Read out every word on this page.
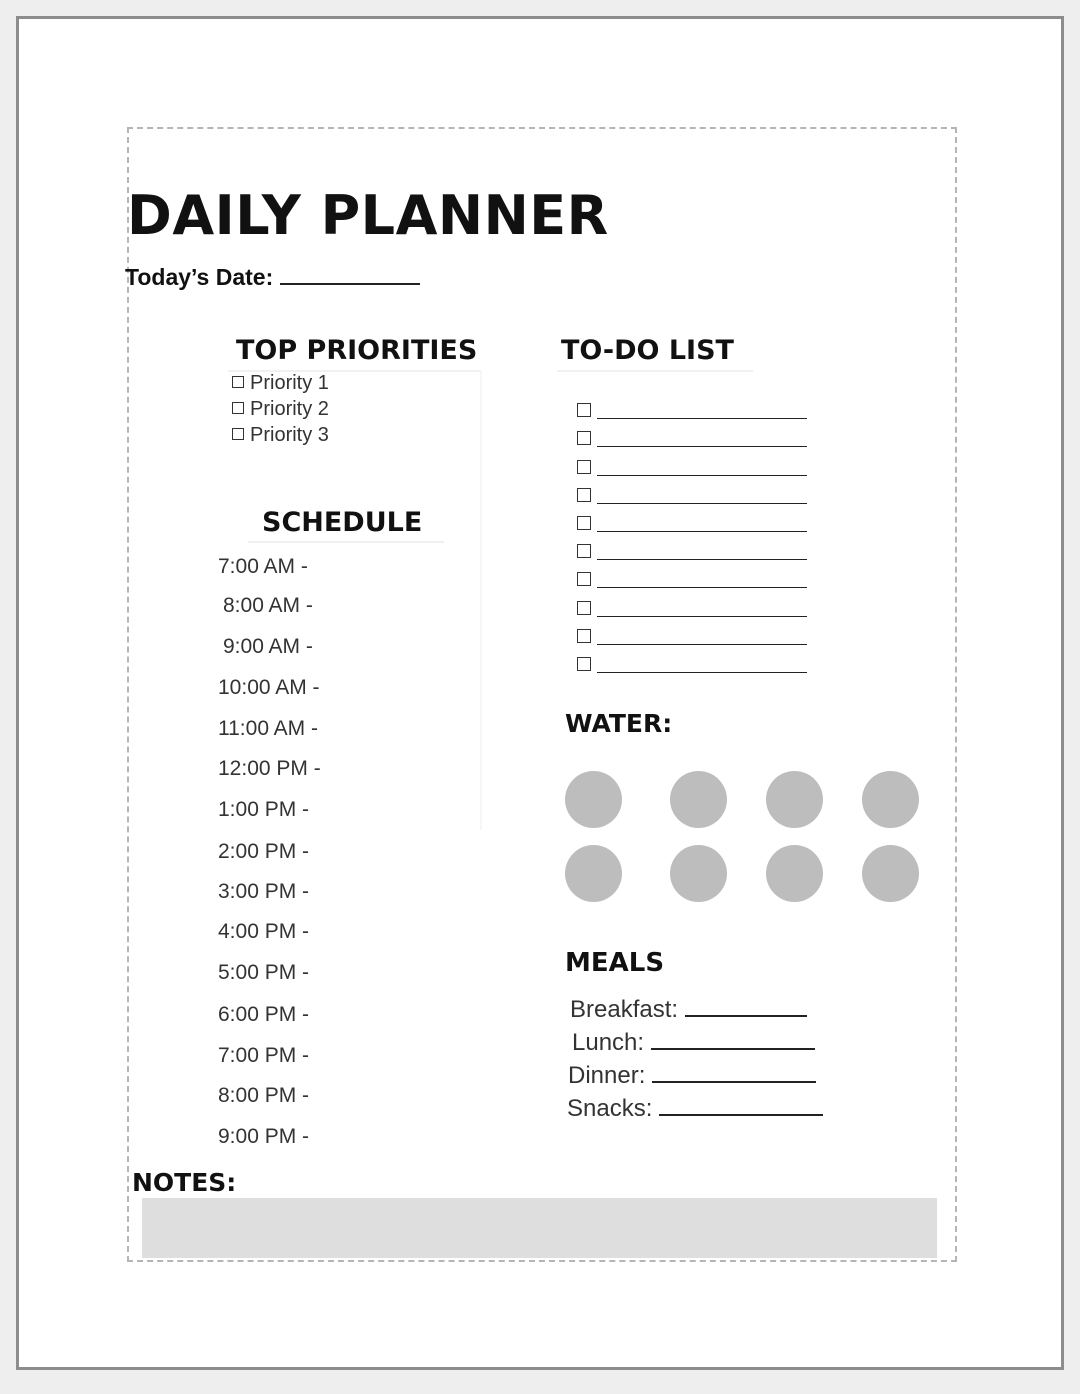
DAILY PLANNER
Today’s Date:
TOP PRIORITIES
Priority 1
Priority 2
Priority 3
SCHEDULE
7:00 AM -
8:00 AM -
9:00 AM -
10:00 AM -
11:00 AM -
12:00 PM -
1:00 PM -
2:00 PM -
3:00 PM -
4:00 PM -
5:00 PM -
6:00 PM -
7:00 PM -
8:00 PM -
9:00 PM -
TO-DO LIST
WATER:
MEALS
Breakfast:
Lunch:
Dinner:
Snacks:
NOTES:
